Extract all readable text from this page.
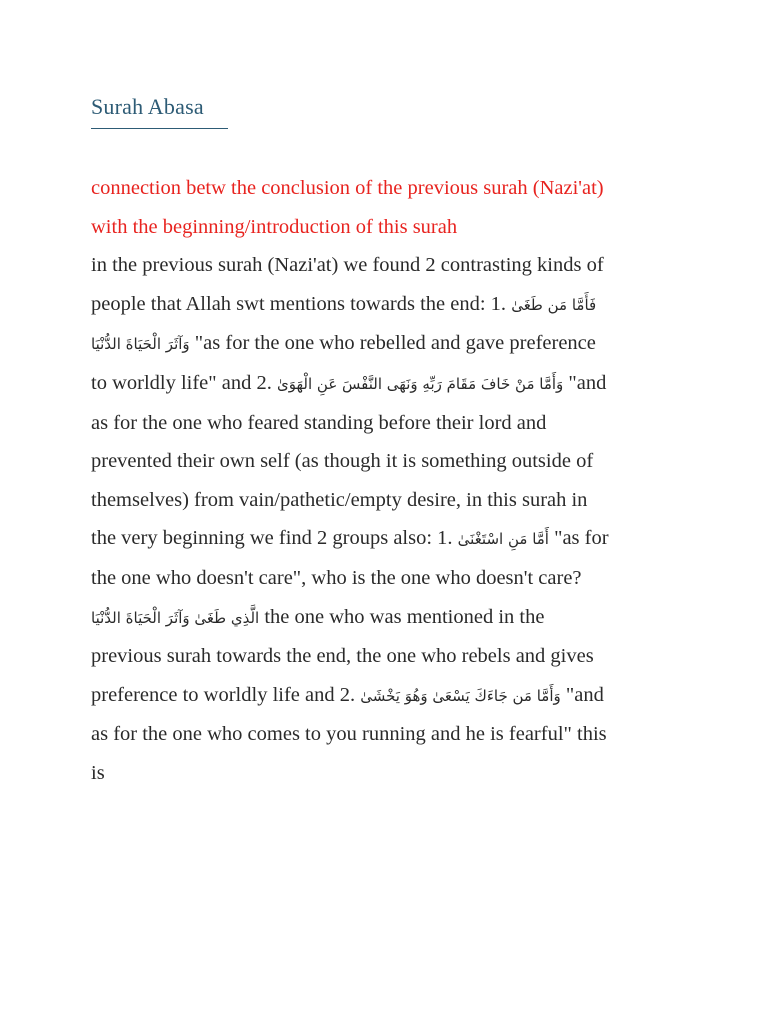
Surah Abasa

connection betw the conclusion of the previous surah (Nazi'at) with the beginning/introduction of this surah

in the previous surah (Nazi'at) we found 2 contrasting kinds of people that Allah swt mentions towards the end: 1. فَأَمَّا مَن طَغَىٰ وَآثَرَ الْحَيَاةَ الدُّنْيَا "as for the one who rebelled and gave preference to worldly life" and 2. وَأَمَّا مَنْ خَافَ مَقَامَ رَبِّهِ وَنَهَى النَّفْسَ عَنِ الْهَوَىٰ "and as for the one who feared standing before their lord and prevented their own self (as though it is something outside of themselves) from vain/pathetic/empty desire, in this surah in the very beginning we find 2 groups also: 1. أَمَّا مَنِ اسْتَغْنَىٰ "as for the one who doesn't care", who is the one who doesn't care? الَّذِي طَغَىٰ وَآثَرَ الْحَيَاةَ الدُّنْيَا the one who was mentioned in the previous surah towards the end, the one who rebels and gives preference to worldly life and 2. وَأَمَّا مَن جَاءَكَ يَسْعَىٰ وَهُوَ يَخْشَىٰ "and as for the one who comes to you running and he is fearful" this is
